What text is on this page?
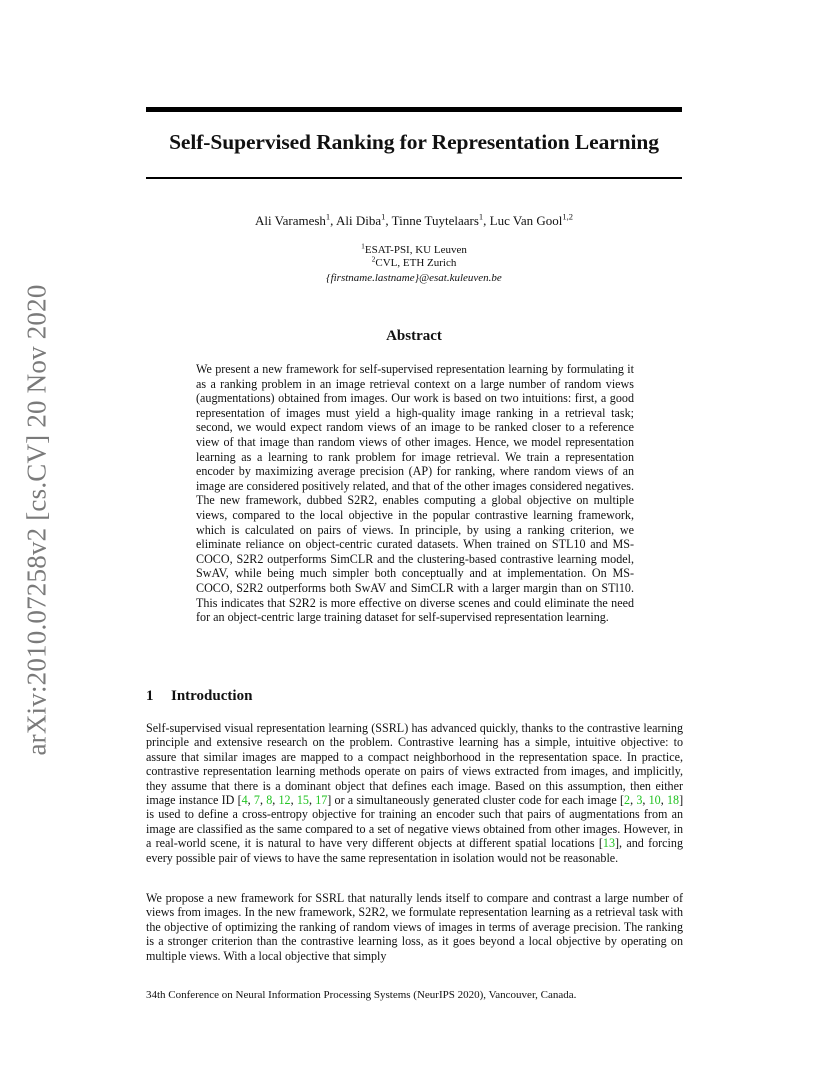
arXiv:2010.07258v2 [cs.CV] 20 Nov 2020
Self-Supervised Ranking for Representation Learning
Ali Varamesh$^1$, Ali Diba$^1$, Tinne Tuytelaars$^1$, Luc Van Gool$^{1,2}$
$^1$ESAT-PSI, KU Leuven
$^2$CVL, ETH Zurich
{firstname.lastname}@esat.kuleuven.be
Abstract
We present a new framework for self-supervised representation learning by formulating it as a ranking problem in an image retrieval context on a large number of random views (augmentations) obtained from images. Our work is based on two intuitions: first, a good representation of images must yield a high-quality image ranking in a retrieval task; second, we would expect random views of an image to be ranked closer to a reference view of that image than random views of other images. Hence, we model representation learning as a learning to rank problem for image retrieval. We train a representation encoder by maximizing average precision (AP) for ranking, where random views of an image are considered positively related, and that of the other images considered negatives. The new framework, dubbed S2R2, enables computing a global objective on multiple views, compared to the local objective in the popular contrastive learning framework, which is calculated on pairs of views. In principle, by using a ranking criterion, we eliminate reliance on object-centric curated datasets. When trained on STL10 and MS-COCO, S2R2 outperforms SimCLR and the clustering-based contrastive learning model, SwAV, while being much simpler both conceptually and at implementation. On MS-COCO, S2R2 outperforms both SwAV and SimCLR with a larger margin than on STl10. This indicates that S2R2 is more effective on diverse scenes and could eliminate the need for an object-centric large training dataset for self-supervised representation learning.
1 Introduction
Self-supervised visual representation learning (SSRL) has advanced quickly, thanks to the contrastive learning principle and extensive research on the problem. Contrastive learning has a simple, intuitive objective: to assure that similar images are mapped to a compact neighborhood in the representation space. In practice, contrastive representation learning methods operate on pairs of views extracted from images, and implicitly, they assume that there is a dominant object that defines each image. Based on this assumption, then either image instance ID [4, 7, 8, 12, 15, 17] or a simultaneously generated cluster code for each image [2, 3, 10, 18] is used to define a cross-entropy objective for training an encoder such that pairs of augmentations from an image are classified as the same compared to a set of negative views obtained from other images. However, in a real-world scene, it is natural to have very different objects at different spatial locations [13], and forcing every possible pair of views to have the same representation in isolation would not be reasonable.
We propose a new framework for SSRL that naturally lends itself to compare and contrast a large number of views from images. In the new framework, S2R2, we formulate representation learning as a retrieval task with the objective of optimizing the ranking of random views of images in terms of average precision. The ranking is a stronger criterion than the contrastive learning loss, as it goes beyond a local objective by operating on multiple views. With a local objective that simply
34th Conference on Neural Information Processing Systems (NeurIPS 2020), Vancouver, Canada.
